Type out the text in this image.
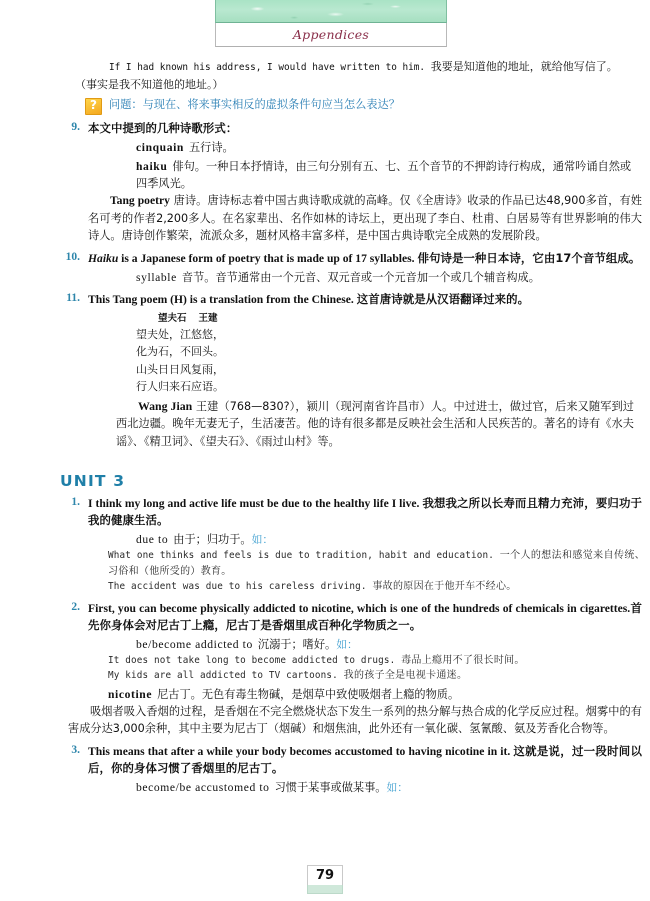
Appendices

If I had known his address, I would have written to him. 我要是知道他的地址，就给他写信了。

（事实是我不知道他的地址。）

?
问题：与现在、将来事实相反的虚拟条件句应当怎么表达？
9. 本文中提到的几种诗歌形式：

cinquain 五行诗。

haiku 俳句。一种日本抒情诗，由三句分别有五、七、五个音节的不押韵诗行构成，通常吟诵自然或四季风光。

Tang poetry 唐诗。唐诗标志着中国古典诗歌成就的高峰。仅《全唐诗》收录的作品已达48,900多首，有姓名可考的作者2,200多人。在名家辈出、名作如林的诗坛上，更出现了李白、杜甫、白居易等有世界影响的伟大诗人。唐诗创作繁荣，流派众多，题材风格丰富多样，是中国古典诗歌完全成熟的发展阶段。

10. Haiku is a Japanese form of poetry that is made up of 17 syllables. 俳句诗是一种日本诗，它由17个音节组成。

syllable 音节。音节通常由一个元音、双元音或一个元音加一个或几个辅音构成。

11. This Tang poem (H) is a translation from the Chinese. 这首唐诗就是从汉语翻译过来的。

望夫石 王建
望夫处，江悠悠，
化为石，不回头。
山头日日风复雨，
行人归来石应语。

Wang Jian 王建（768—830?），颍川（现河南省许昌市）人。中过进士，做过官，后来又随军到过西北边疆。晚年无妻无子，生活凄苦。他的诗有很多都是反映社会生活和人民疾苦的。著名的诗有《水夫谣》、《精卫词》、《望夫石》、《雨过山村》等。

UNIT 3
1. I think my long and active life must be due to the healthy life I live. 我想我之所以长寿而且精力充沛，要归功于我的健康生活。

due to 由于；归功于。如：

What one thinks and feels is due to tradition, habit and education. 一个人的想法和感觉来自传统、习俗和（他所受的）教育。

The accident was due to his careless driving. 事故的原因在于他开车不经心。

2. First, you can become physically addicted to nicotine, which is one of the hundreds of chemicals in cigarettes.首先你身体会对尼古丁上瘾，尼古丁是香烟里成百种化学物质之一。

be/become addicted to 沉溺于；嗜好。如：

It does not take long to become addicted to drugs. 毒品上瘾用不了很长时间。

My kids are all addicted to TV cartoons. 我的孩子全是电视卡通迷。

nicotine 尼古丁。无色有毒生物碱，是烟草中致使吸烟者上瘾的物质。

吸烟者吸入香烟的过程，是香烟在不完全燃烧状态下发生一系列的热分解与热合成的化学反应过程。烟雾中的有害成分达3,000余种，其中主要为尼古丁（烟碱）和烟焦油，此外还有一氧化碳、氢氰酸、氨及芳香化合物等。

3. This means that after a while your body becomes accustomed to having nicotine in it. 这就是说，过一段时间以后，你的身体习惯了香烟里的尼古丁。

become/be accustomed to 习惯于某事或做某事。如：

79
